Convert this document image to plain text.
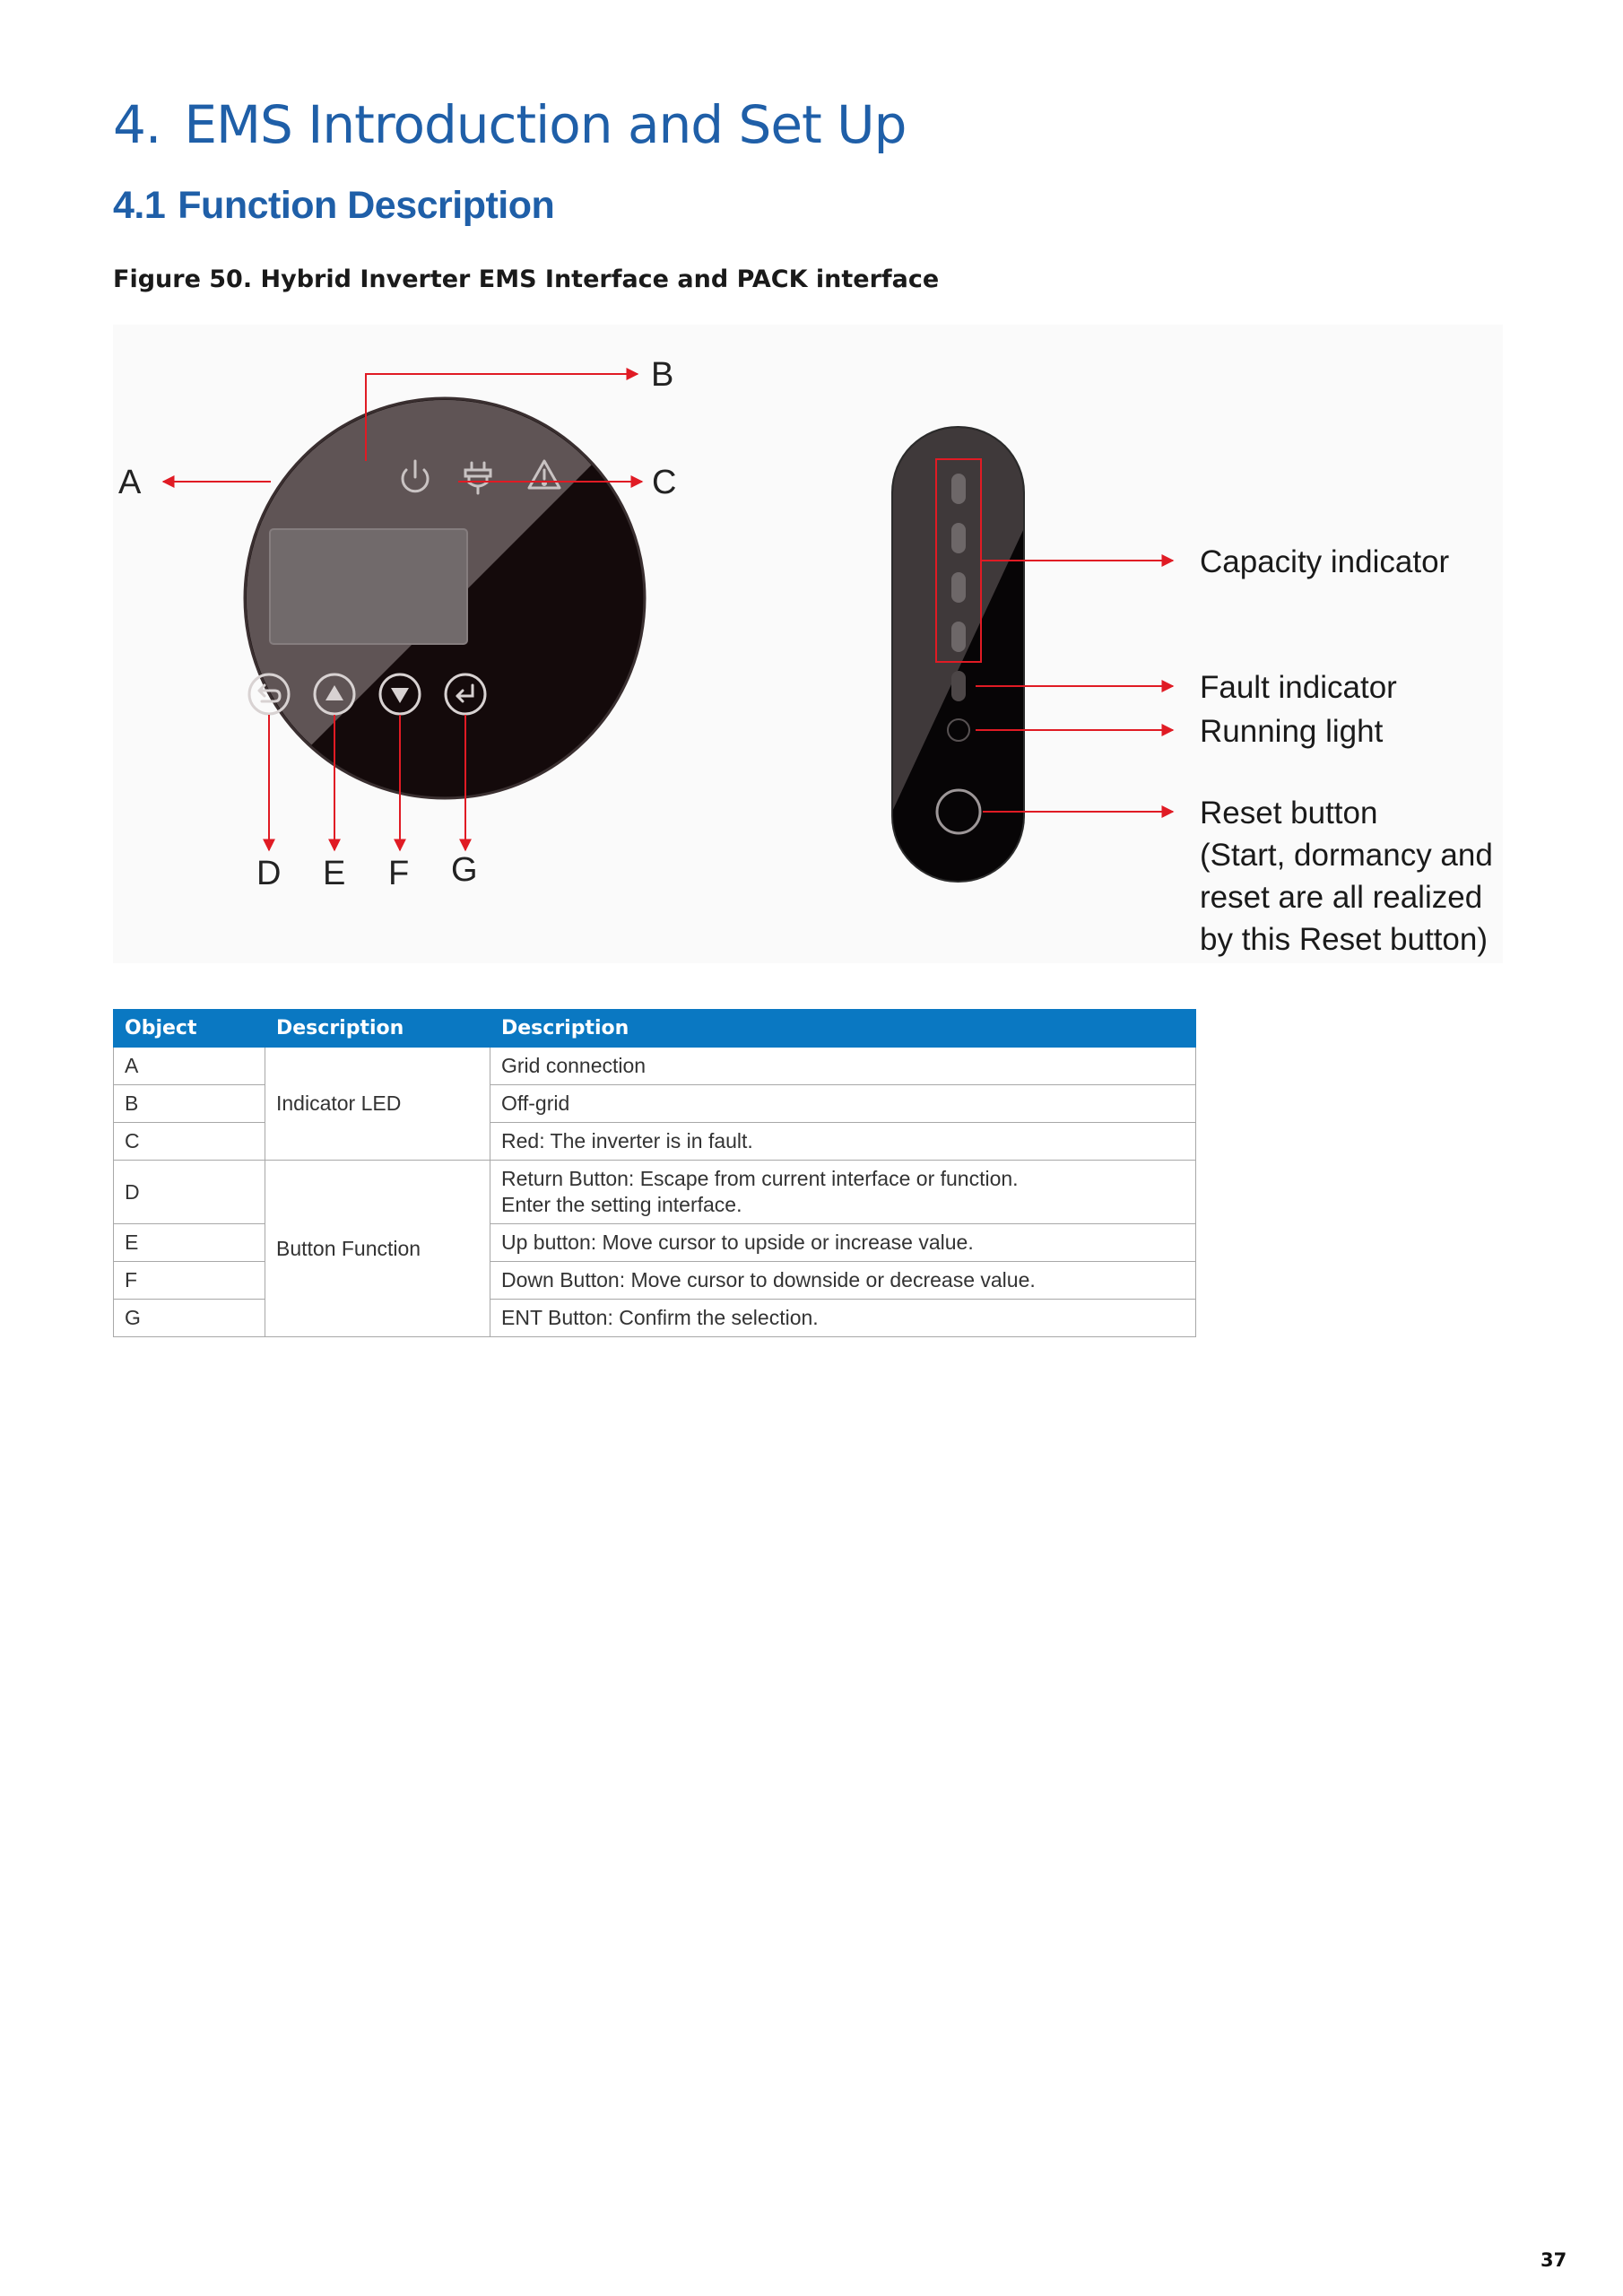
4. EMS Introduction and Set Up
4.1 Function Description

Figure 50. Hybrid Inverter EMS Interface and PACK interface

A
B
C
D E F G
Capacity indicator
Fault indicator
Running light
Reset button
(Start, dormancy and
reset are all realized
by this Reset button)
Object	Description	Description
A	Indicator LED	Grid connection
B		Off-grid
C		Red: The inverter is in fault.
D	Button Function	Return Button: Escape from current interface or function.
Enter the setting interface.

E		Up button: Move cursor to upside or increase value.
F		Down Button: Move cursor to downside or decrease value.
G		ENT Button: Confirm the selection.
37
